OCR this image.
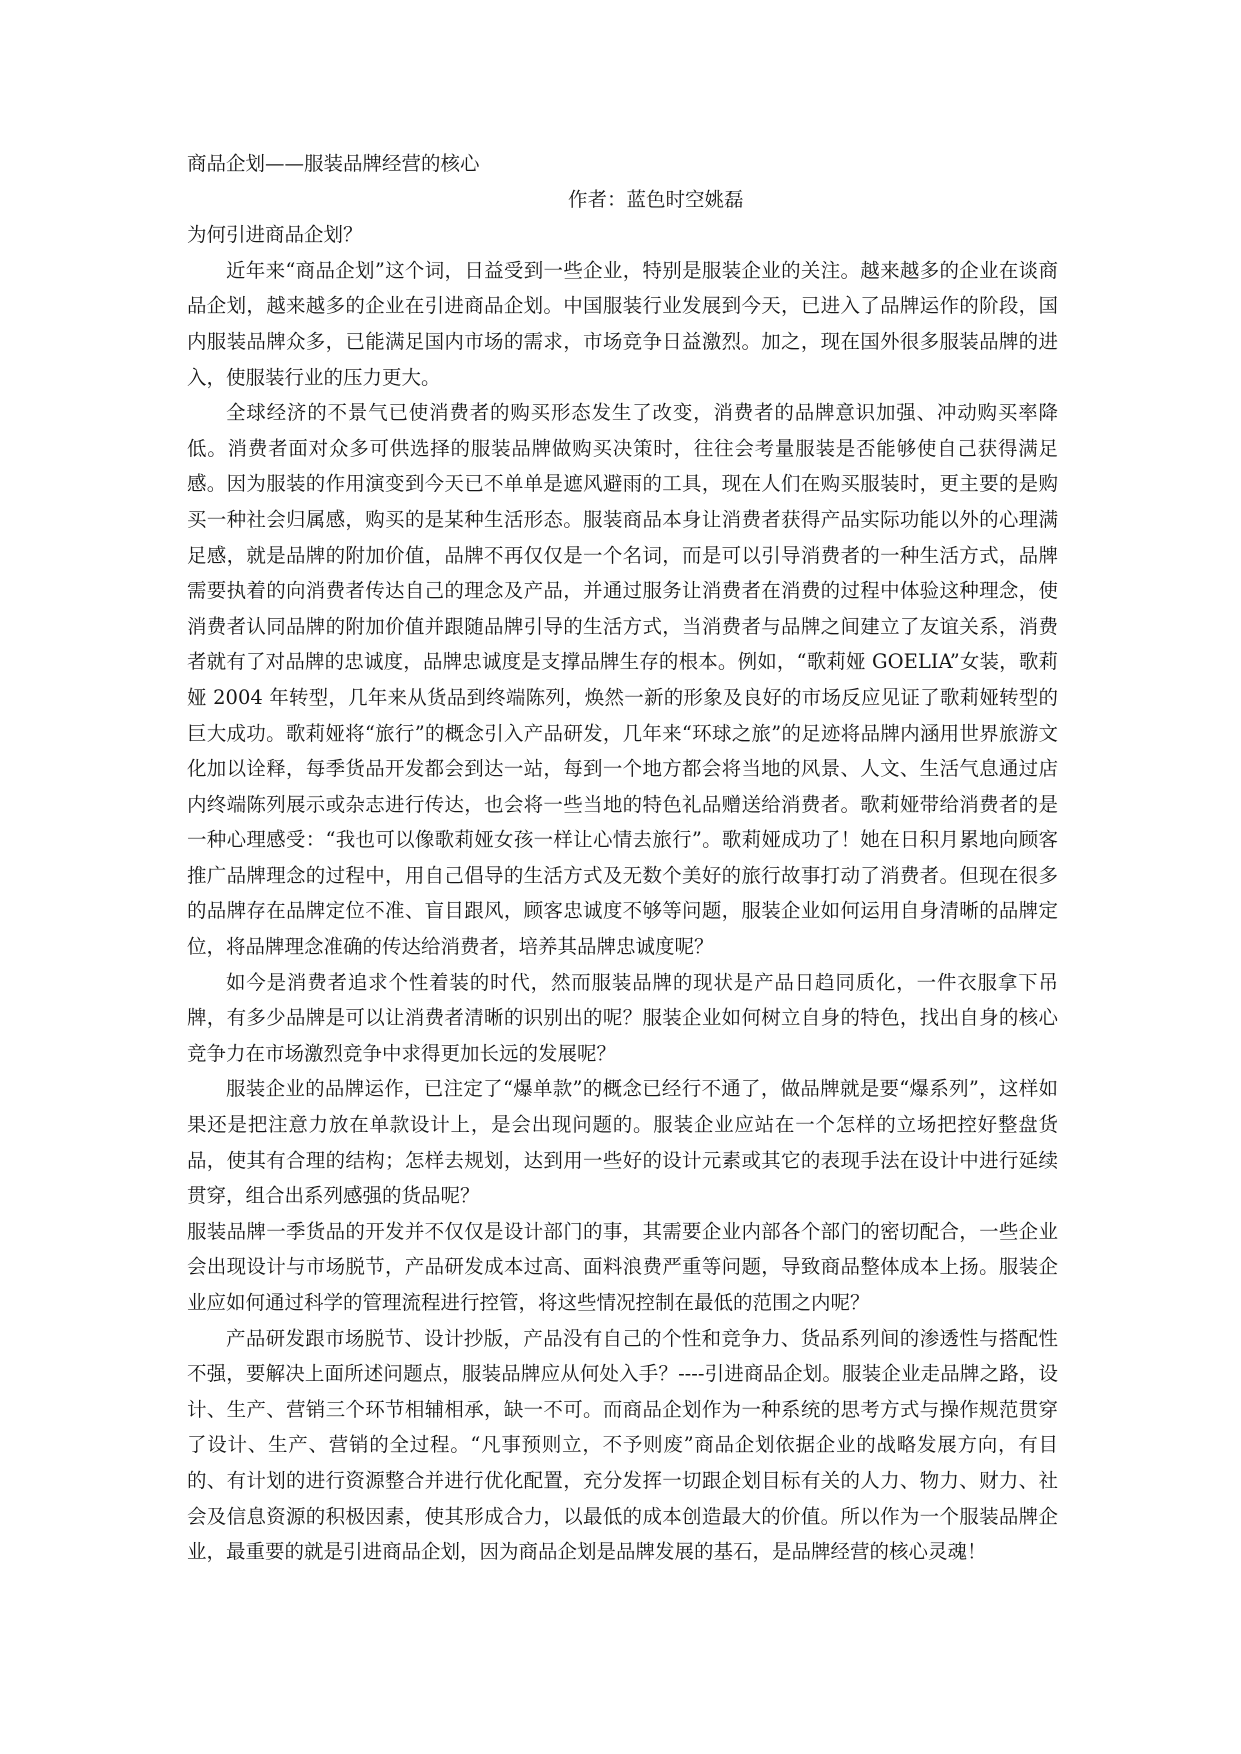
商品企划——服装品牌经营的核心

作者：蓝色时空姚磊

为何引进商品企划？

近年来“商品企划”这个词，日益受到一些企业，特别是服装企业的关注。越来越多的企业在谈商品企划，越来越多的企业在引进商品企划。中国服装行业发展到今天，已进入了品牌运作的阶段，国内服装品牌众多，已能满足国内市场的需求，市场竞争日益激烈。加之，现在国外很多服装品牌的进入，使服装行业的压力更大。

全球经济的不景气已使消费者的购买形态发生了改变，消费者的品牌意识加强、冲动购买率降低。消费者面对众多可供选择的服装品牌做购买决策时，往往会考量服装是否能够使自己获得满足感。因为服装的作用演变到今天已不单单是遮风避雨的工具，现在人们在购买服装时，更主要的是购买一种社会归属感，购买的是某种生活形态。服装商品本身让消费者获得产品实际功能以外的心理满足感，就是品牌的附加价值，品牌不再仅仅是一个名词，而是可以引导消费者的一种生活方式，品牌需要执着的向消费者传达自己的理念及产品，并通过服务让消费者在消费的过程中体验这种理念，使消费者认同品牌的附加价值并跟随品牌引导的生活方式，当消费者与品牌之间建立了友谊关系，消费者就有了对品牌的忠诚度，品牌忠诚度是支撑品牌生存的根本。例如，“歌莉娅 GOELIA”女装，歌莉娅 2004 年转型，几年来从货品到终端陈列，焕然一新的形象及良好的市场反应见证了歌莉娅转型的巨大成功。歌莉娅将“旅行”的概念引入产品研发，几年来“环球之旅”的足迹将品牌内涵用世界旅游文化加以诠释，每季货品开发都会到达一站，每到一个地方都会将当地的风景、人文、生活气息通过店内终端陈列展示或杂志进行传达，也会将一些当地的特色礼品赠送给消费者。歌莉娅带给消费者的是一种心理感受：“我也可以像歌莉娅女孩一样让心情去旅行”。歌莉娅成功了！她在日积月累地向顾客推广品牌理念的过程中，用自己倡导的生活方式及无数个美好的旅行故事打动了消费者。但现在很多的品牌存在品牌定位不准、盲目跟风，顾客忠诚度不够等问题，服装企业如何运用自身清晰的品牌定位，将品牌理念准确的传达给消费者，培养其品牌忠诚度呢？

如今是消费者追求个性着装的时代，然而服装品牌的现状是产品日趋同质化，一件衣服拿下吊牌，有多少品牌是可以让消费者清晰的识别出的呢？服装企业如何树立自身的特色，找出自身的核心竞争力在市场激烈竞争中求得更加长远的发展呢？

服装企业的品牌运作，已注定了“爆单款”的概念已经行不通了，做品牌就是要“爆系列”，这样如果还是把注意力放在单款设计上，是会出现问题的。服装企业应站在一个怎样的立场把控好整盘货品，使其有合理的结构；怎样去规划，达到用一些好的设计元素或其它的表现手法在设计中进行延续贯穿，组合出系列感强的货品呢？

服装品牌一季货品的开发并不仅仅是设计部门的事，其需要企业内部各个部门的密切配合，一些企业会出现设计与市场脱节，产品研发成本过高、面料浪费严重等问题，导致商品整体成本上扬。服装企业应如何通过科学的管理流程进行控管，将这些情况控制在最低的范围之内呢？

产品研发跟市场脱节、设计抄版，产品没有自己的个性和竞争力、货品系列间的渗透性与搭配性不强，要解决上面所述问题点，服装品牌应从何处入手？----引进商品企划。服装企业走品牌之路，设计、生产、营销三个环节相辅相承，缺一不可。而商品企划作为一种系统的思考方式与操作规范贯穿了设计、生产、营销的全过程。“凡事预则立，不予则废”商品企划依据企业的战略发展方向，有目的、有计划的进行资源整合并进行优化配置，充分发挥一切跟企划目标有关的人力、物力、财力、社会及信息资源的积极因素，使其形成合力，以最低的成本创造最大的价值。所以作为一个服装品牌企业，最重要的就是引进商品企划，因为商品企划是品牌发展的基石，是品牌经营的核心灵魂！
